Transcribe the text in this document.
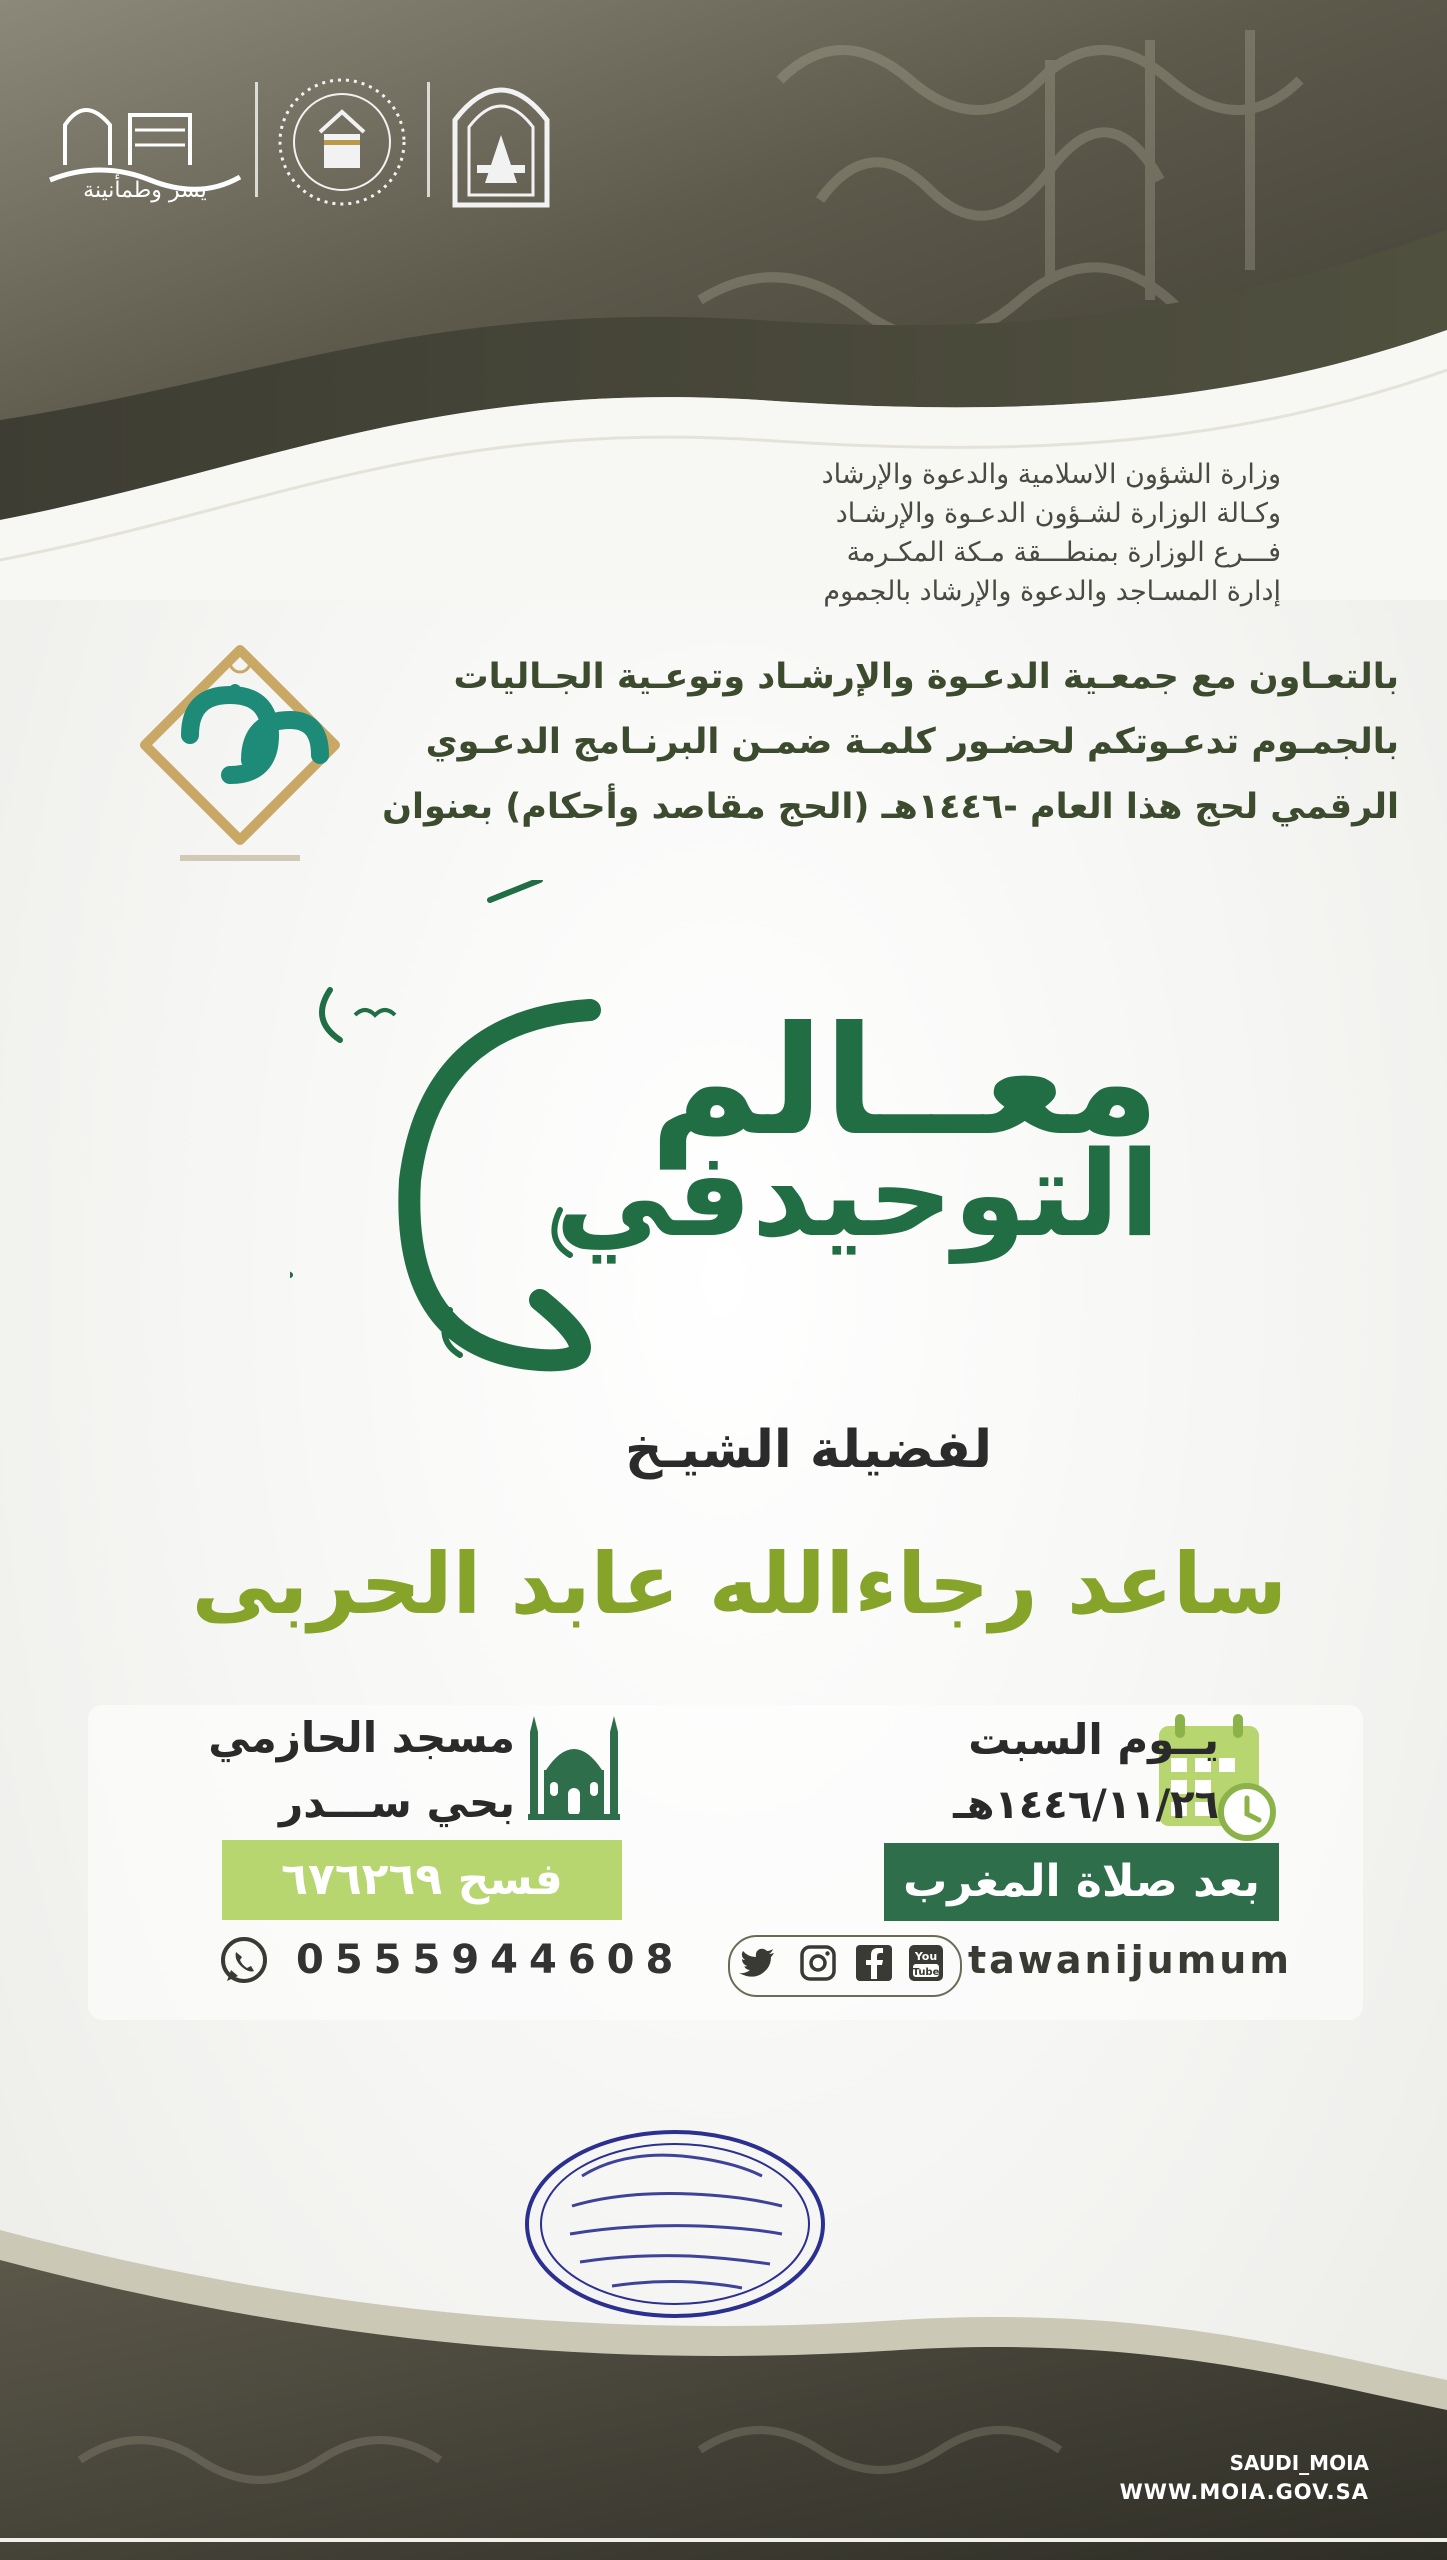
يسر وطمأنينة
وزارة الشؤون الاسلامية والدعوة والإرشاد
وكـالة الوزارة لشـؤون الدعـوة والإرشـاد
فـــرع الوزارة بمنطـــقة مـكة المكـرمة
إدارة المسـاجد والدعوة والإرشاد بالجموم
بالتعـاون مع جمعـية الدعـوة والإرشـاد وتوعـية الجـاليات
بالجمـوم تدعـوتكم لحضـور كلمـة ضمـن البرنـامج الدعـوي
الرقمي لحج هذا العام -١٤٤٦هـ (الحج مقاصد وأحكام) بعنوان
معــالم
التوحيدفي
لفضيلة الشيـخ
ساعد رجاءالله عابد الحربى
يــوم السبت
١٤٤٦/١١/٢٦هـ
بعد صلاة المغرب
مسجد الحازمي
بحي ســـدر
فسح ٦٧٦٢٦٩
0555944608	You
Tube tawanijumum
SAUDI_MOIA
WWW.MOIA.GOV.SA
